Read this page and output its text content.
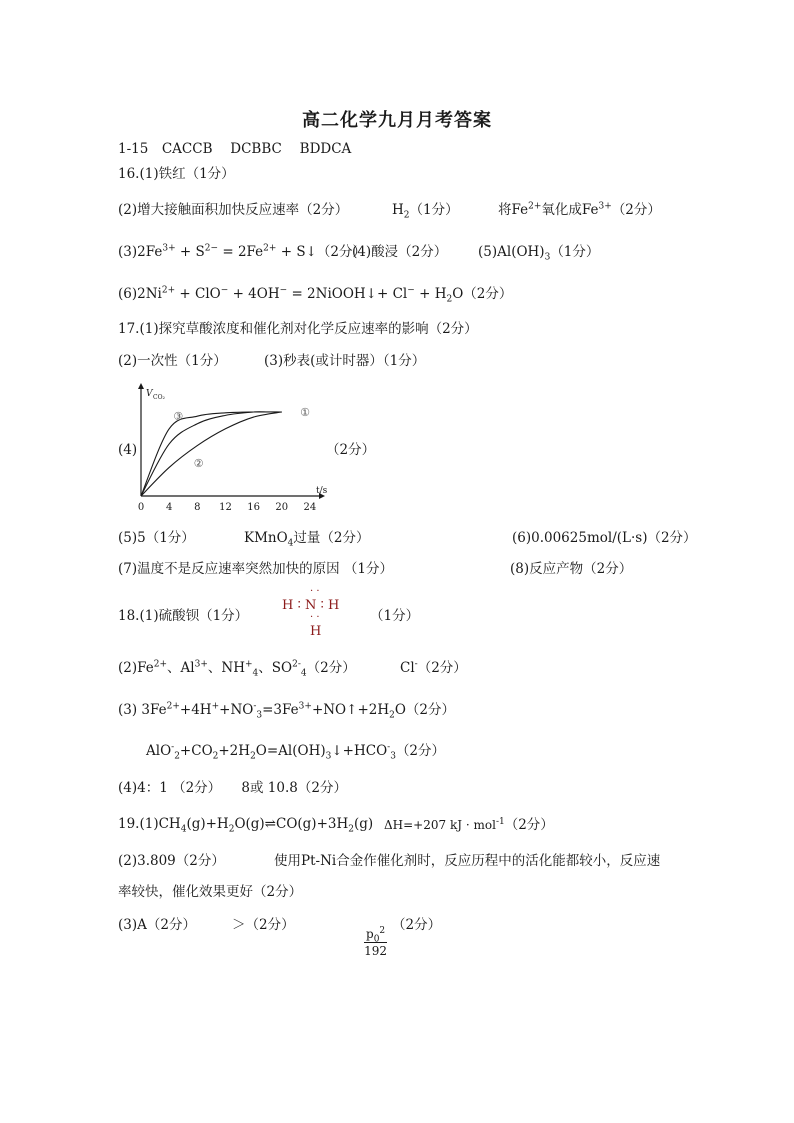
高二化学九月月考答案
1-15　CACCB　 DCBBC　 BDDCA
16.(1)铁红（1分）
(2)增大接触面积加快反应速率（2分）	$H_2(1$分）	将$Fe^{2+}$氧化成$Fe^{3+}(2$分）
$(3)2Fe^{3+} + S^{2-} = 2Fe^{2+}$ + S↓（2分）
(4)酸浸（2分） $(5)Al(OH)_3(1$分）
$(6)2Ni^{2+} + ClO^- + 4OH^-$ = 2NiOOH↓+ $Cl^- + H_2O(2$分）
17.(1)探究草酸浓度和催化剂对化学反应速率的影响（2分）
(2)一次性（1分）	(3)秒表(或计时器）（1分）
(4)	（2分）
0 4 8 12 16 20 24
t/s
V CO₂
①
②
③
(5)5（1分）	KMnO$_4$过量（2分）	(6)0.00625mol/(L·s)（2分）
(7)温度不是反应速率突然加快的原因 （1分）	(8)反应产物（2分）
18.(1)硫酸钡（1分）
· ·
H ∶ N ∶ H
· ·
H
（1分）
$(2)Fe^{2+}$、$Al^{3+}$、$NH^+_4$、$SO^{2-}_4(2$分）	Cl-（2分）
(3) $3Fe^{2+}+4H^++NO^-_3=3Fe^{3+}+NO↑+2H_2O(2$分）
$AlO^-_2+CO_2+2H_2O=Al(OH)_3↓+HCO^-_3(2$分）
(4)4：1 （2分）　　8或 10.8（2分）
$19.(1)CH_4(g)+H_2O(g)\rightleftharpoons CO(g)+3H_2(g)$ ΔH=+207 kJ · mol$^{-1}$（2分）
(2)3.809（2分）	使用Pt-Ni合金作催化剂时，反应历程中的活化能都较小，反应速
率较快，催化效果更好（2分）
(3)A（2分）	＞（2分）
$\frac{p_0^2}{192}$
（2分）
